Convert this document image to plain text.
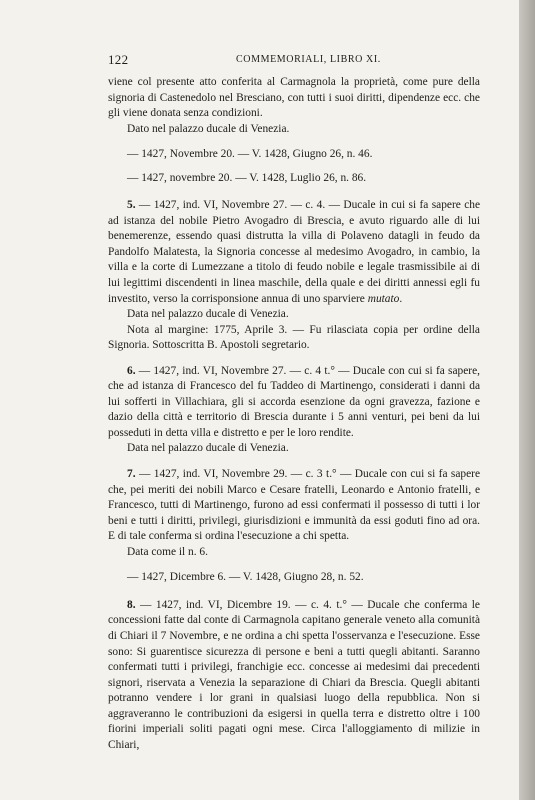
122	COMMEMORIALI, LIBRO XI.

viene col presente atto conferita al Carmagnola la proprietà, come pure della signoria di Castenedolo nel Bresciano, con tutti i suoi diritti, dipendenze ecc. che gli viene donata senza condizioni.

Dato nel palazzo ducale di Venezia.

— 1427, Novembre 20. — V. 1428, Giugno 26, n. 46.

— 1427, novembre 20. — V. 1428, Luglio 26, n. 86.

5. — 1427, ind. VI, Novembre 27. — c. 4. — Ducale in cui si fa sapere che ad istanza del nobile Pietro Avogadro di Brescia, e avuto riguardo alle di lui benemerenze, essendo quasi distrutta la villa di Polaveno datagli in feudo da Pandolfo Malatesta, la Signoria concesse al medesimo Avogadro, in cambio, la villa e la corte di Lumezzane a titolo di feudo nobile e legale trasmissibile ai di lui legittimi discendenti in linea maschile, della quale e dei diritti annessi egli fu investito, verso la corrisponsione annua di uno sparviere mutato.

Data nel palazzo ducale di Venezia.

Nota al margine: 1775, Aprile 3. — Fu rilasciata copia per ordine della Signoria. Sottoscritta B. Apostoli segretario.

6. — 1427, ind. VI, Novembre 27. — c. 4 t.° — Ducale con cui si fa sapere, che ad istanza di Francesco del fu Taddeo di Martinengo, considerati i danni da lui sofferti in Villachiara, gli si accorda esenzione da ogni gravezza, fazione e dazio della città e territorio di Brescia durante i 5 anni venturi, pei beni da lui posseduti in detta villa e distretto e per le loro rendite.

Data nel palazzo ducale di Venezia.

7. — 1427, ind. VI, Novembre 29. — c. 3 t.° — Ducale con cui si fa sapere che, pei meriti dei nobili Marco e Cesare fratelli, Leonardo e Antonio fratelli, e Francesco, tutti di Martinengo, furono ad essi confermati il possesso di tutti i lor beni e tutti i diritti, privilegi, giurisdizioni e immunità da essi goduti fino ad ora. E di tale conferma si ordina l'esecuzione a chi spetta.

Data come il n. 6.

— 1427, Dicembre 6. — V. 1428, Giugno 28, n. 52.

8. — 1427, ind. VI, Dicembre 19. — c. 4. t.° — Ducale che conferma le concessioni fatte dal conte di Carmagnola capitano generale veneto alla comunità di Chiari il 7 Novembre, e ne ordina a chi spetta l'osservanza e l'esecuzione. Esse sono: Si guarentisce sicurezza di persone e beni a tutti quegli abitanti. Saranno confermati tutti i privilegi, franchigie ecc. concesse ai medesimi dai precedenti signori, riservata a Venezia la separazione di Chiari da Brescia. Quegli abitanti potranno vendere i lor grani in qualsiasi luogo della repubblica. Non si aggraveranno le contribuzioni da esigersi in quella terra e distretto oltre i 100 fiorini imperiali soliti pagati ogni mese. Circa l'alloggiamento di milizie in Chiari,
